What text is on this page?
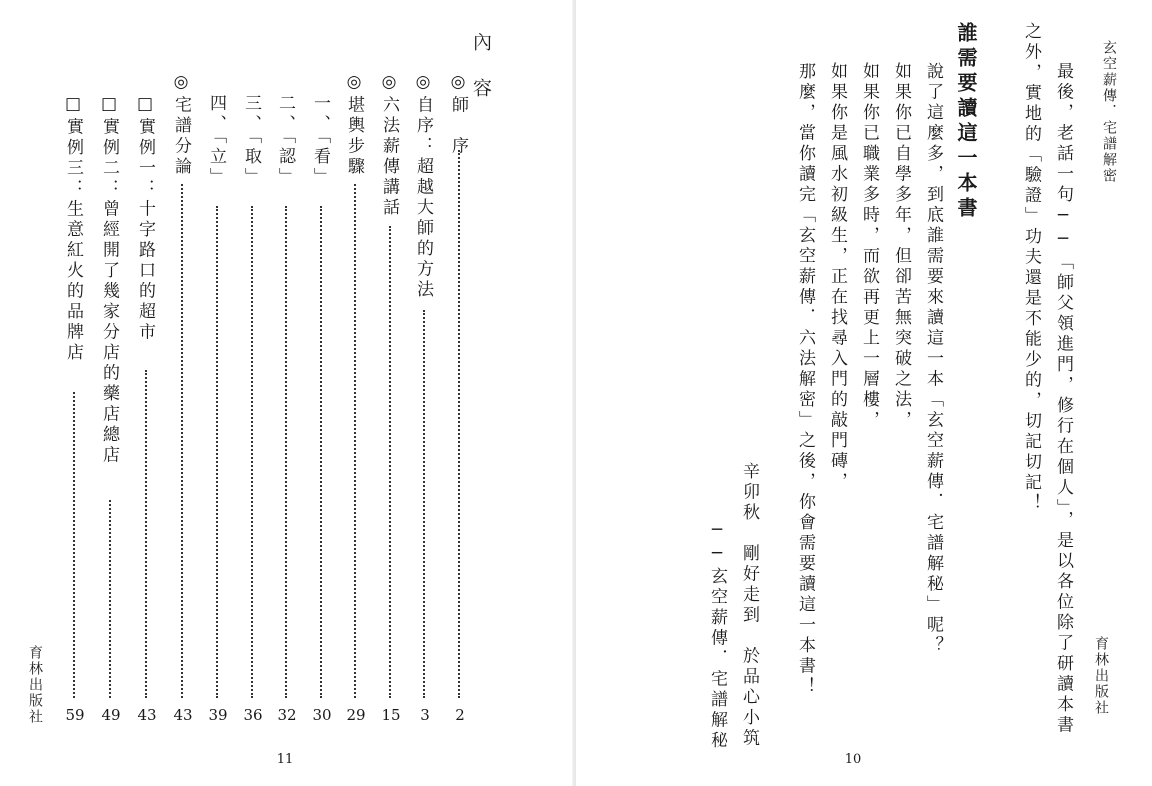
內　容
◎師　序
2
◎自序：超越大師的方法
3
◎六法薪傳講話
15
◎堪輿步驟
29
一、「看」
30
二、「認」
32
三、「取」
36
四、「立」
39
◎宅譜分論
43
□實例一：十字路口的超市
43
□實例二：曾經開了幾家分店的藥店總店
49
□實例三：生意紅火的品牌店
59
育林出版社
11
玄空薪傳．宅譜解密
最後，老話一句──「師父領進門，修行在個人」，是以各位除了研讀本書
之外，實地的「驗證」功夫還是不能少的，切記切記！
誰需要讀這一本書
說了這麼多，到底誰需要來讀這一本「玄空薪傳．宅譜解秘」呢？
如果你已自學多年，但卻苦無突破之法，
如果你已職業多時，而欲再更上一層樓，
如果你是風水初級生，正在找尋入門的敲門磚，
那麼，當你讀完「玄空薪傳．六法解密」之後，你會需要讀這一本書！
辛卯秋　剛好走到　於品心小筑
──玄空薪傳．宅譜解秘	育林出版社
10
